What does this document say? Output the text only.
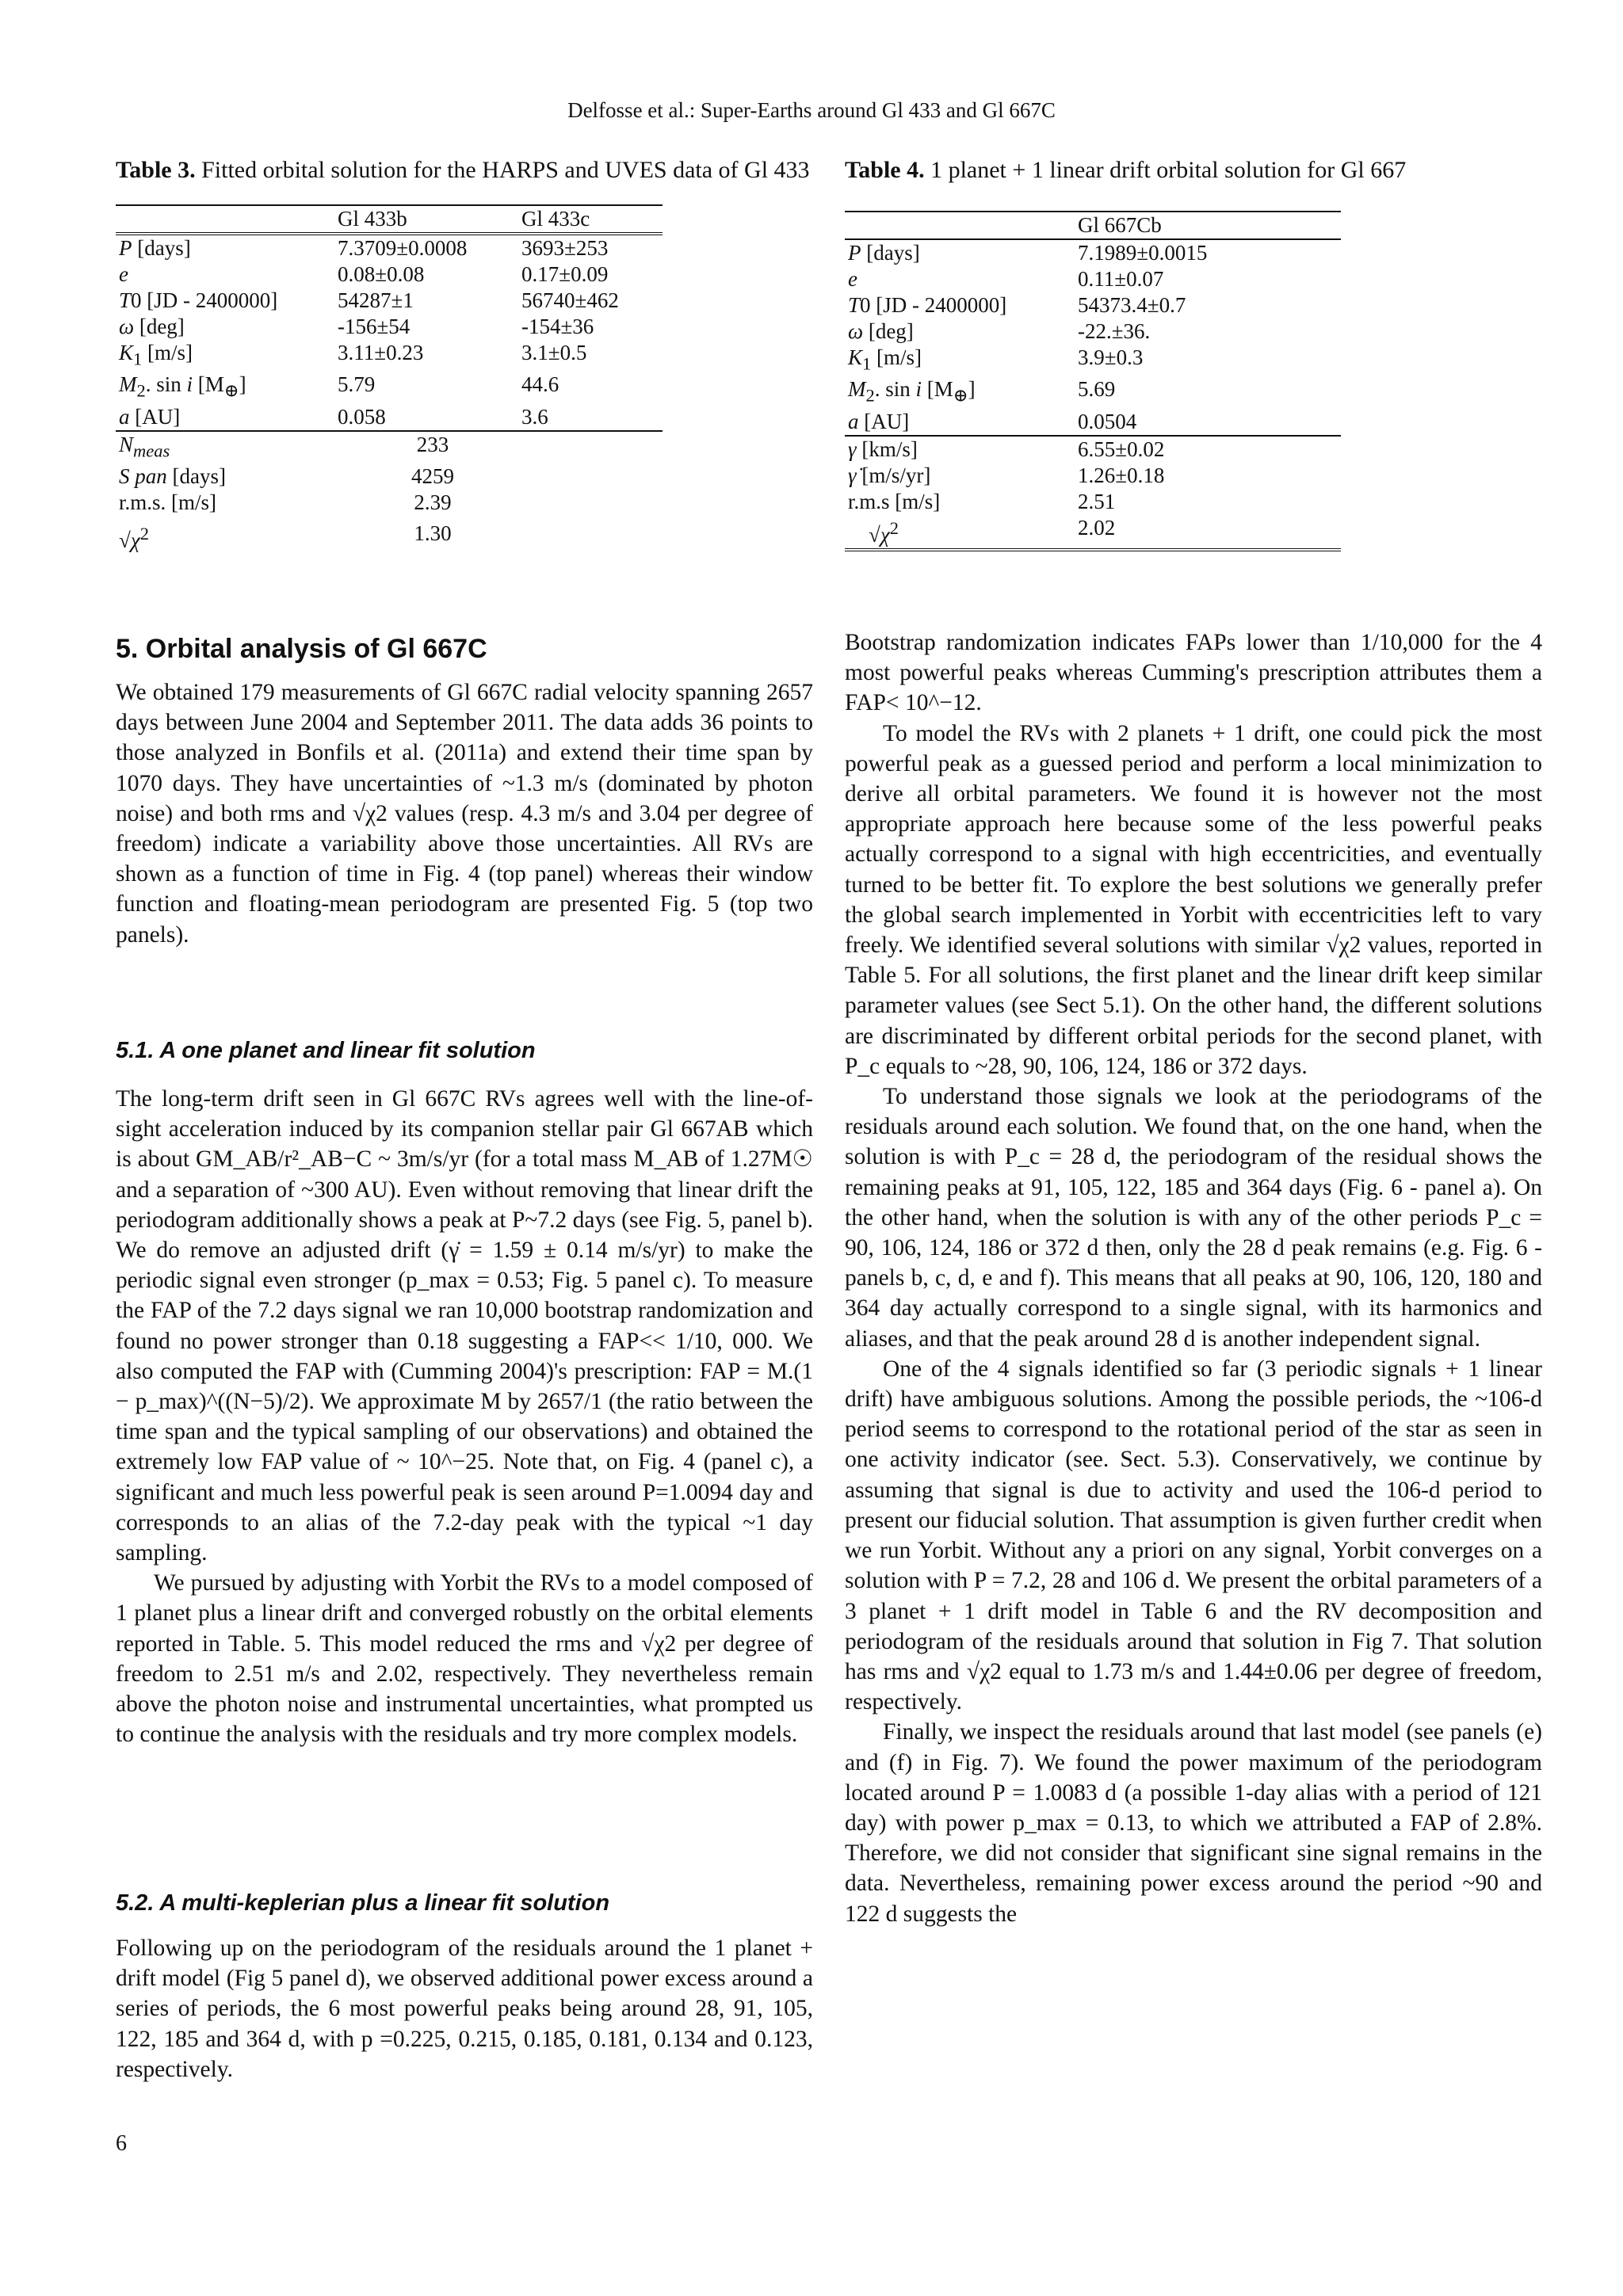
Delfosse et al.: Super-Earths around Gl 433 and Gl 667C

Table 3. Fitted orbital solution for the HARPS and UVES data of Gl 433

	Gl 433b	Gl 433c
P [days]	7.3709±0.0008	3693±253
e	0.08±0.08	0.17±0.09
T0 [JD - 2400000]	54287±1	56740±462
ω [deg]	-156±54	-154±36
$K_1$ [m/s]	3.11±0.23	3.1±0.5
$M_2$. sin i $[M_\oplus]$	5.79	44.6
a [AU]	0.058	3.6
$N_{meas}$	233	
S pan [days]	4259	
r.m.s. [m/s]	2.39	
$√\chi^2$	1.30	
5. Orbital analysis of Gl 667C

We obtained 179 measurements of Gl 667C radial velocity spanning 2657 days between June 2004 and September 2011. The data adds 36 points to those analyzed in Bonfils et al. (2011a) and extend their time span by 1070 days. They have uncertainties of ~1.3 m/s (dominated by photon noise) and both rms and √χ2 values (resp. 4.3 m/s and 3.04 per degree of freedom) indicate a variability above those uncertainties. All RVs are shown as a function of time in Fig. 4 (top panel) whereas their window function and floating-mean periodogram are presented Fig. 5 (top two panels).

5.1. A one planet and linear fit solution

The long-term drift seen in Gl 667C RVs agrees well with the line-of-sight acceleration induced by its companion stellar pair Gl 667AB which is about GM_AB/r²_AB−C ~ 3m/s/yr (for a total mass M_AB of 1.27M☉ and a separation of ~300 AU). Even without removing that linear drift the periodogram additionally shows a peak at P~7.2 days (see Fig. 5, panel b). We do remove an adjusted drift (γ̇ = 1.59 ± 0.14 m/s/yr) to make the periodic signal even stronger (p_max = 0.53; Fig. 5 panel c). To measure the FAP of the 7.2 days signal we ran 10,000 bootstrap randomization and found no power stronger than 0.18 suggesting a FAP<< 1/10, 000. We also computed the FAP with (Cumming 2004)'s prescription: FAP = M.(1 − p_max)^((N−5)/2). We approximate M by 2657/1 (the ratio between the time span and the typical sampling of our observations) and obtained the extremely low FAP value of ~ 10^−25. Note that, on Fig. 4 (panel c), a significant and much less powerful peak is seen around P=1.0094 day and corresponds to an alias of the 7.2-day peak with the typical ~1 day sampling.

We pursued by adjusting with Yorbit the RVs to a model composed of 1 planet plus a linear drift and converged robustly on the orbital elements reported in Table. 5. This model reduced the rms and √χ2 per degree of freedom to 2.51 m/s and 2.02, respectively. They nevertheless remain above the photon noise and instrumental uncertainties, what prompted us to continue the analysis with the residuals and try more complex models.

5.2. A multi-keplerian plus a linear fit solution

Following up on the periodogram of the residuals around the 1 planet + drift model (Fig 5 panel d), we observed additional power excess around a series of periods, the 6 most powerful peaks being around 28, 91, 105, 122, 185 and 364 d, with p =0.225, 0.215, 0.185, 0.181, 0.134 and 0.123, respectively.

Table 4. 1 planet + 1 linear drift orbital solution for Gl 667

	Gl 667Cb
P [days]	7.1989±0.0015
e	0.11±0.07
T0 [JD - 2400000]	54373.4±0.7
ω [deg]	-22.±36.
$K_1$ [m/s]	3.9±0.3
$M_2$. sin i $[M_\oplus]$	5.69
a [AU]	0.0504
γ [km/s]	6.55±0.02
γ̇ [m/s/yr]	1.26±0.18
r.m.s [m/s]	2.51
$√\chi^2$	2.02

Bootstrap randomization indicates FAPs lower than 1/10,000 for the 4 most powerful peaks whereas Cumming's prescription attributes them a FAP< 10^−12.

To model the RVs with 2 planets + 1 drift, one could pick the most powerful peak as a guessed period and perform a local minimization to derive all orbital parameters. We found it is however not the most appropriate approach here because some of the less powerful peaks actually correspond to a signal with high eccentricities, and eventually turned to be better fit. To explore the best solutions we generally prefer the global search implemented in Yorbit with eccentricities left to vary freely. We identified several solutions with similar √χ2 values, reported in Table 5. For all solutions, the first planet and the linear drift keep similar parameter values (see Sect 5.1). On the other hand, the different solutions are discriminated by different orbital periods for the second planet, with P_c equals to ~28, 90, 106, 124, 186 or 372 days.

To understand those signals we look at the periodograms of the residuals around each solution. We found that, on the one hand, when the solution is with P_c = 28 d, the periodogram of the residual shows the remaining peaks at 91, 105, 122, 185 and 364 days (Fig. 6 - panel a). On the other hand, when the solution is with any of the other periods P_c = 90, 106, 124, 186 or 372 d then, only the 28 d peak remains (e.g. Fig. 6 - panels b, c, d, e and f). This means that all peaks at 90, 106, 120, 180 and 364 day actually correspond to a single signal, with its harmonics and aliases, and that the peak around 28 d is another independent signal.

One of the 4 signals identified so far (3 periodic signals + 1 linear drift) have ambiguous solutions. Among the possible periods, the ~106-d period seems to correspond to the rotational period of the star as seen in one activity indicator (see. Sect. 5.3). Conservatively, we continue by assuming that signal is due to activity and used the 106-d period to present our fiducial solution. That assumption is given further credit when we run Yorbit. Without any a priori on any signal, Yorbit converges on a solution with P = 7.2, 28 and 106 d. We present the orbital parameters of a 3 planet + 1 drift model in Table 6 and the RV decomposition and periodogram of the residuals around that solution in Fig 7. That solution has rms and √χ2 equal to 1.73 m/s and 1.44±0.06 per degree of freedom, respectively.

Finally, we inspect the residuals around that last model (see panels (e) and (f) in Fig. 7). We found the power maximum of the periodogram located around P = 1.0083 d (a possible 1-day alias with a period of 121 day) with power p_max = 0.13, to which we attributed a FAP of 2.8%. Therefore, we did not consider that significant sine signal remains in the data. Nevertheless, remaining power excess around the period ~90 and 122 d suggests the

6
